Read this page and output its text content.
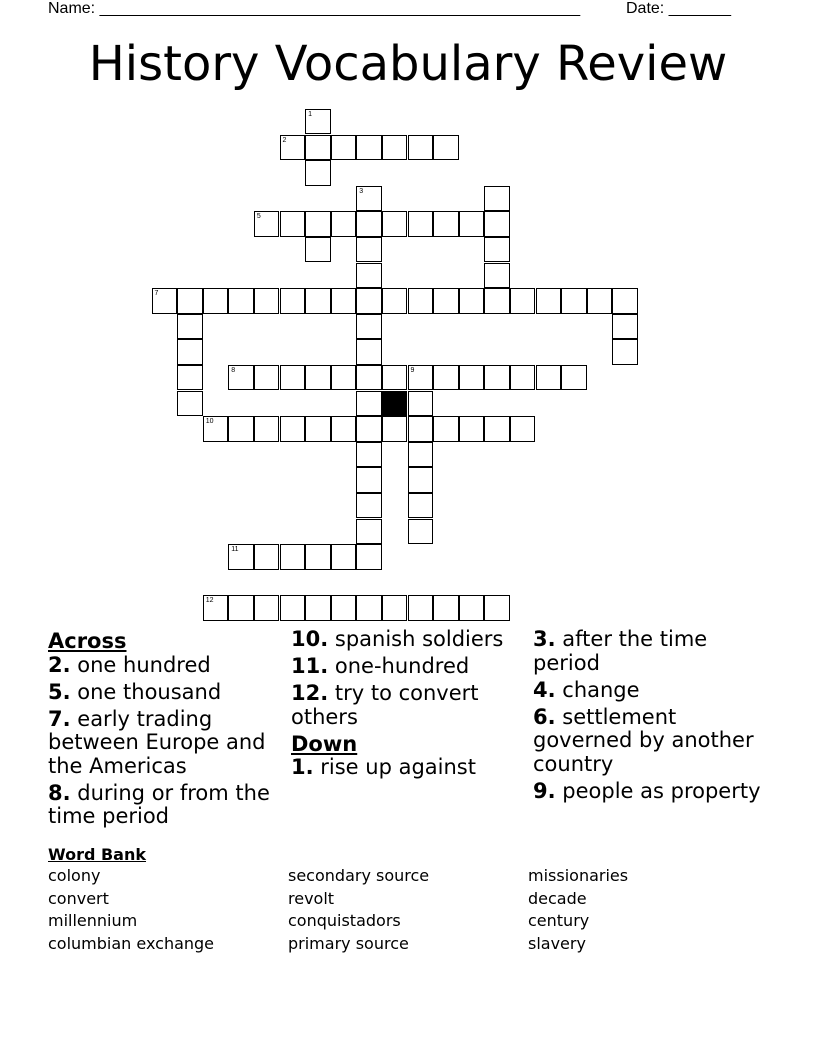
Name: ______________________________________________________	Date: _______
History Vocabulary Review
1
2
3
5
7
8	9
10
11
12
Across
2. one hundred
5. one thousand
7. early trading between Europe and the Americas
8. during or from the time period
10. spanish soldiers
11. one-hundred
12. try to convert others
Down
1. rise up against
3. after the time period
4. change
6. settlement governed by another country
9. people as property
Word Bank
colony	secondary source	missionaries
convert	revolt	decade
millennium	conquistadors	century
columbian exchange	primary source	slavery
